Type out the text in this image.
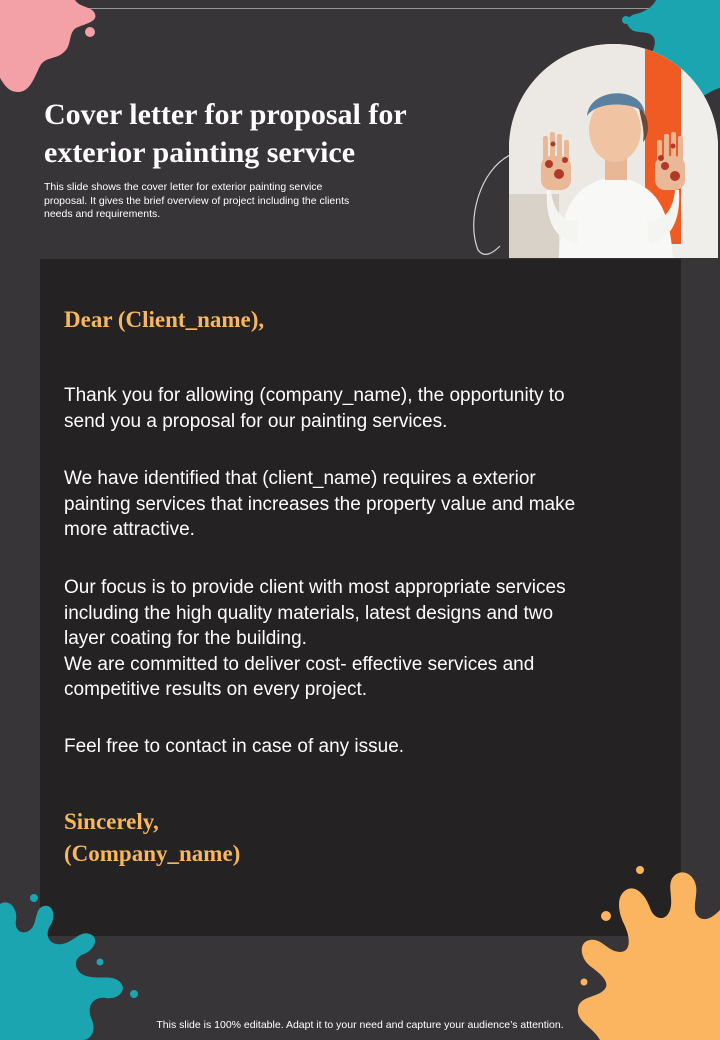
Cover letter for proposal for
exterior painting service

This slide shows the cover letter for exterior painting service
proposal. It gives the brief overview of project including the clients
needs and requirements.

Dear (Client_name),

Thank you for allowing (company_name), the opportunity to
send you a proposal for our painting services.

We have identified that (client_name) requires a exterior
painting services that increases the property value and make
more attractive.

Our focus is to provide client with most appropriate services
including the high quality materials, latest designs and two
layer coating for the building.
We are committed to deliver cost- effective services and
competitive results on every project.

Feel free to contact in case of any issue.

Sincerely,
(Company_name)

This slide is 100% editable. Adapt it to your need and capture your audience’s attention.
